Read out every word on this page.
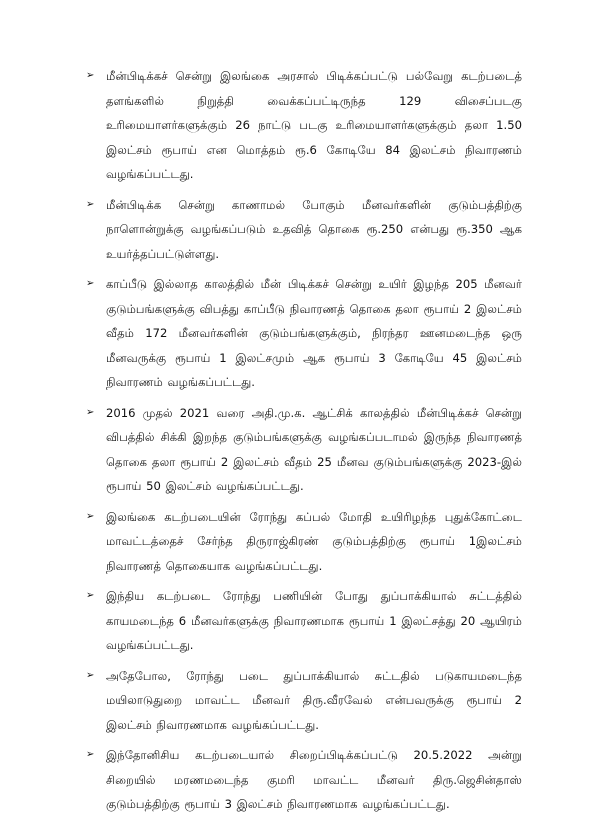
➢ மீன்பிடிக்கச் சென்று இலங்கை அரசால் பிடிக்கப்பட்டு பல்வேறு கடற்படைத் தளங்களில் நிறுத்தி வைக்கப்பட்டிருந்த 129 விசைப்படகு உரிமையாளர்களுக்கும் 26 நாட்டு படகு உரிமையாளர்களுக்கும் தலா 1.50 இலட்சம் ரூபாய் என மொத்தம் ரூ.6 கோடியே 84 இலட்சம் நிவாரணம் வழங்கப்பட்டது.
➢ மீன்பிடிக்க சென்று காணாமல் போகும் மீனவர்களின் குடும்பத்திற்கு நாளொன்றுக்கு வழங்கப்படும் உதவித் தொகை ரூ.250 என்பது ரூ.350 ஆக உயர்த்தப்பட்டுள்ளது.
➢ காப்பீடு இல்லாத காலத்தில் மீன் பிடிக்கச் சென்று உயிர் இழந்த 205 மீனவர் குடும்பங்களுக்கு விபத்து காப்பீடு நிவாரணத் தொகை தலா ரூபாய் 2 இலட்சம் வீதம் 172 மீனவர்களின் குடும்பங்களுக்கும், நிரந்தர ஊனமடைந்த ஒரு மீனவருக்கு ரூபாய் 1 இலட்சமும் ஆக ரூபாய் 3 கோடியே 45 இலட்சம் நிவாரணம் வழங்கப்பட்டது.
➢ 2016 முதல் 2021 வரை அதி.மு.க. ஆட்சிக் காலத்தில் மீன்பிடிக்கச் சென்று விபத்தில் சிக்கி இறந்த குடும்பங்களுக்கு வழங்கப்படாமல் இருந்த நிவாரணத் தொகை தலா ரூபாய் 2 இலட்சம் வீதம் 25 மீனவ குடும்பங்களுக்கு 2023-இல் ரூபாய் 50 இலட்சம் வழங்கப்பட்டது.
➢ இலங்கை கடற்படையின் ரோந்து கப்பல் மோதி உயிரிழந்த புதுக்கோட்டை மாவட்டத்தைச் சேர்ந்த திருராஜ்கிரண் குடும்பத்திற்கு ரூபாய் 1இலட்சம் நிவாரணத் தொகையாக வழங்கப்பட்டது.
➢ இந்திய கடற்படை ரோந்து பணியின் போது துப்பாக்கியால் சுட்டத்தில் காயமடைந்த 6 மீனவர்களுக்கு நிவாரணமாக ரூபாய் 1 இலட்சத்து 20 ஆயிரம் வழங்கப்பட்டது.
➢ அதேபோல, ரோந்து படை துப்பாக்கியால் சுட்டதில் படுகாயமடைந்த மயிலாடுதுறை மாவட்ட மீனவர் திரு.வீரவேல் என்பவருக்கு ரூபாய் 2 இலட்சம் நிவாரணமாக வழங்கப்பட்டது.
➢ இந்தோனிசிய கடற்படையால் சிறைப்பிடிக்கப்பட்டு 20.5.2022 அன்று சிறையில் மரணமடைந்த குமரி மாவட்ட மீனவர் திரு.ஜெசின்தாஸ் குடும்பத்திற்கு ரூபாய் 3 இலட்சம் நிவாரணமாக வழங்கப்பட்டது.
